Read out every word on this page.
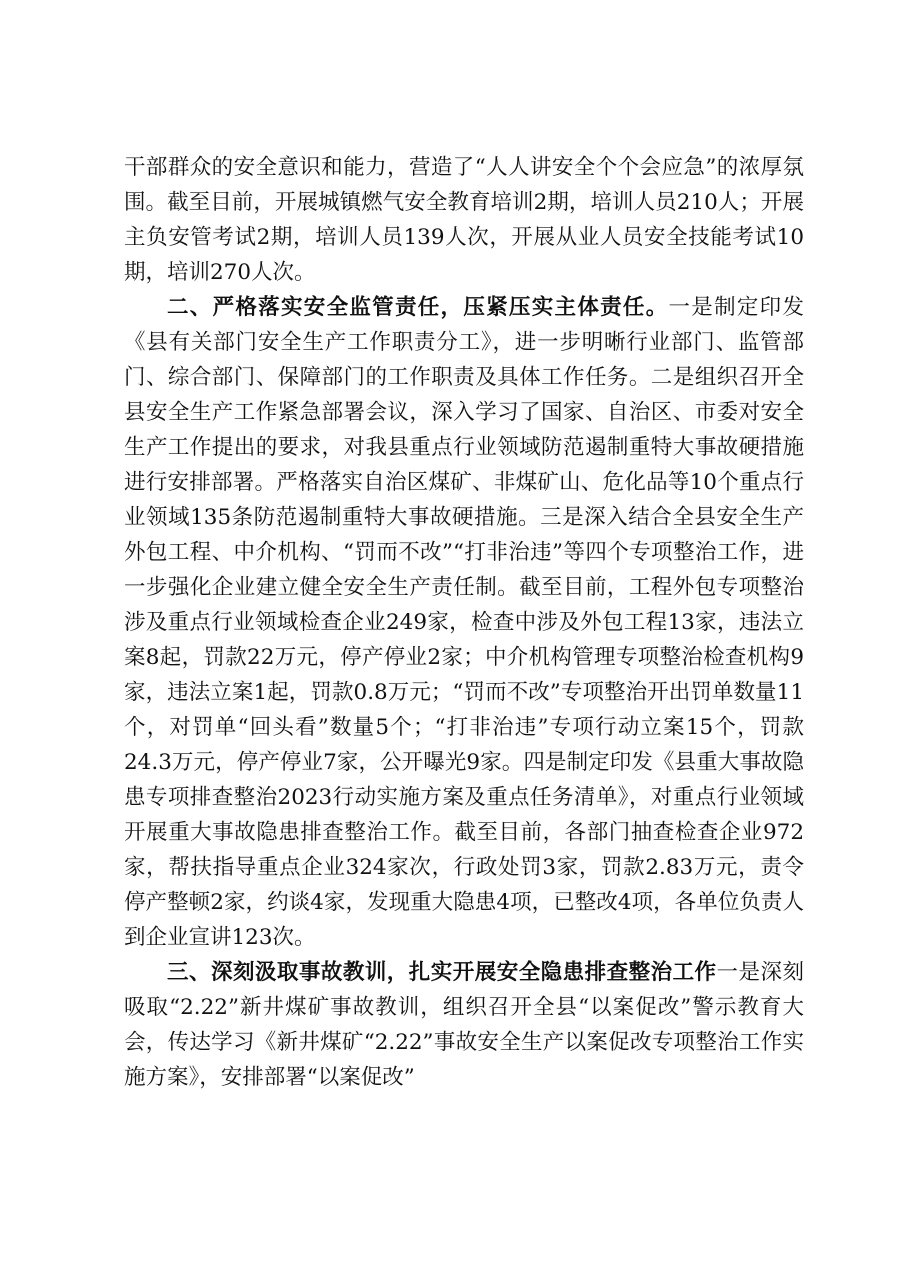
干部群众的安全意识和能力，营造了“人人讲安全个个会应急”的浓厚氛围。截至目前，开展城镇燃气安全教育培训2期，培训人员210人；开展主负安管考试2期，培训人员139人次，开展从业人员安全技能考试10期，培训270人次。

二、严格落实安全监管责任，压紧压实主体责任。一是制定印发《县有关部门安全生产工作职责分工》，进一步明晰行业部门、监管部门、综合部门、保障部门的工作职责及具体工作任务。二是组织召开全县安全生产工作紧急部署会议，深入学习了国家、自治区、市委对安全生产工作提出的要求，对我县重点行业领域防范遏制重特大事故硬措施进行安排部署。严格落实自治区煤矿、非煤矿山、危化品等10个重点行业领域135条防范遏制重特大事故硬措施。三是深入结合全县安全生产外包工程、中介机构、“罚而不改”“打非治违”等四个专项整治工作，进一步强化企业建立健全安全生产责任制。截至目前，工程外包专项整治涉及重点行业领域检查企业249家，检查中涉及外包工程13家，违法立案8起，罚款22万元，停产停业2家；中介机构管理专项整治检查机构9家，违法立案1起，罚款0.8万元；“罚而不改”专项整治开出罚单数量11个，对罚单“回头看”数量5个；“打非治违”专项行动立案15个，罚款24.3万元，停产停业7家，公开曝光9家。四是制定印发《县重大事故隐患专项排查整治2023行动实施方案及重点任务清单》，对重点行业领域开展重大事故隐患排查整治工作。截至目前，各部门抽查检查企业972家，帮扶指导重点企业324家次，行政处罚3家，罚款2.83万元，责令停产整顿2家，约谈4家，发现重大隐患4项，已整改4项，各单位负责人到企业宣讲123次。

三、深刻汲取事故教训，扎实开展安全隐患排查整治工作一是深刻吸取“2.22”新井煤矿事故教训，组织召开全县“以案促改”警示教育大会，传达学习《新井煤矿“2.22”事故安全生产以案促改专项整治工作实施方案》，安排部署“以案促改”
